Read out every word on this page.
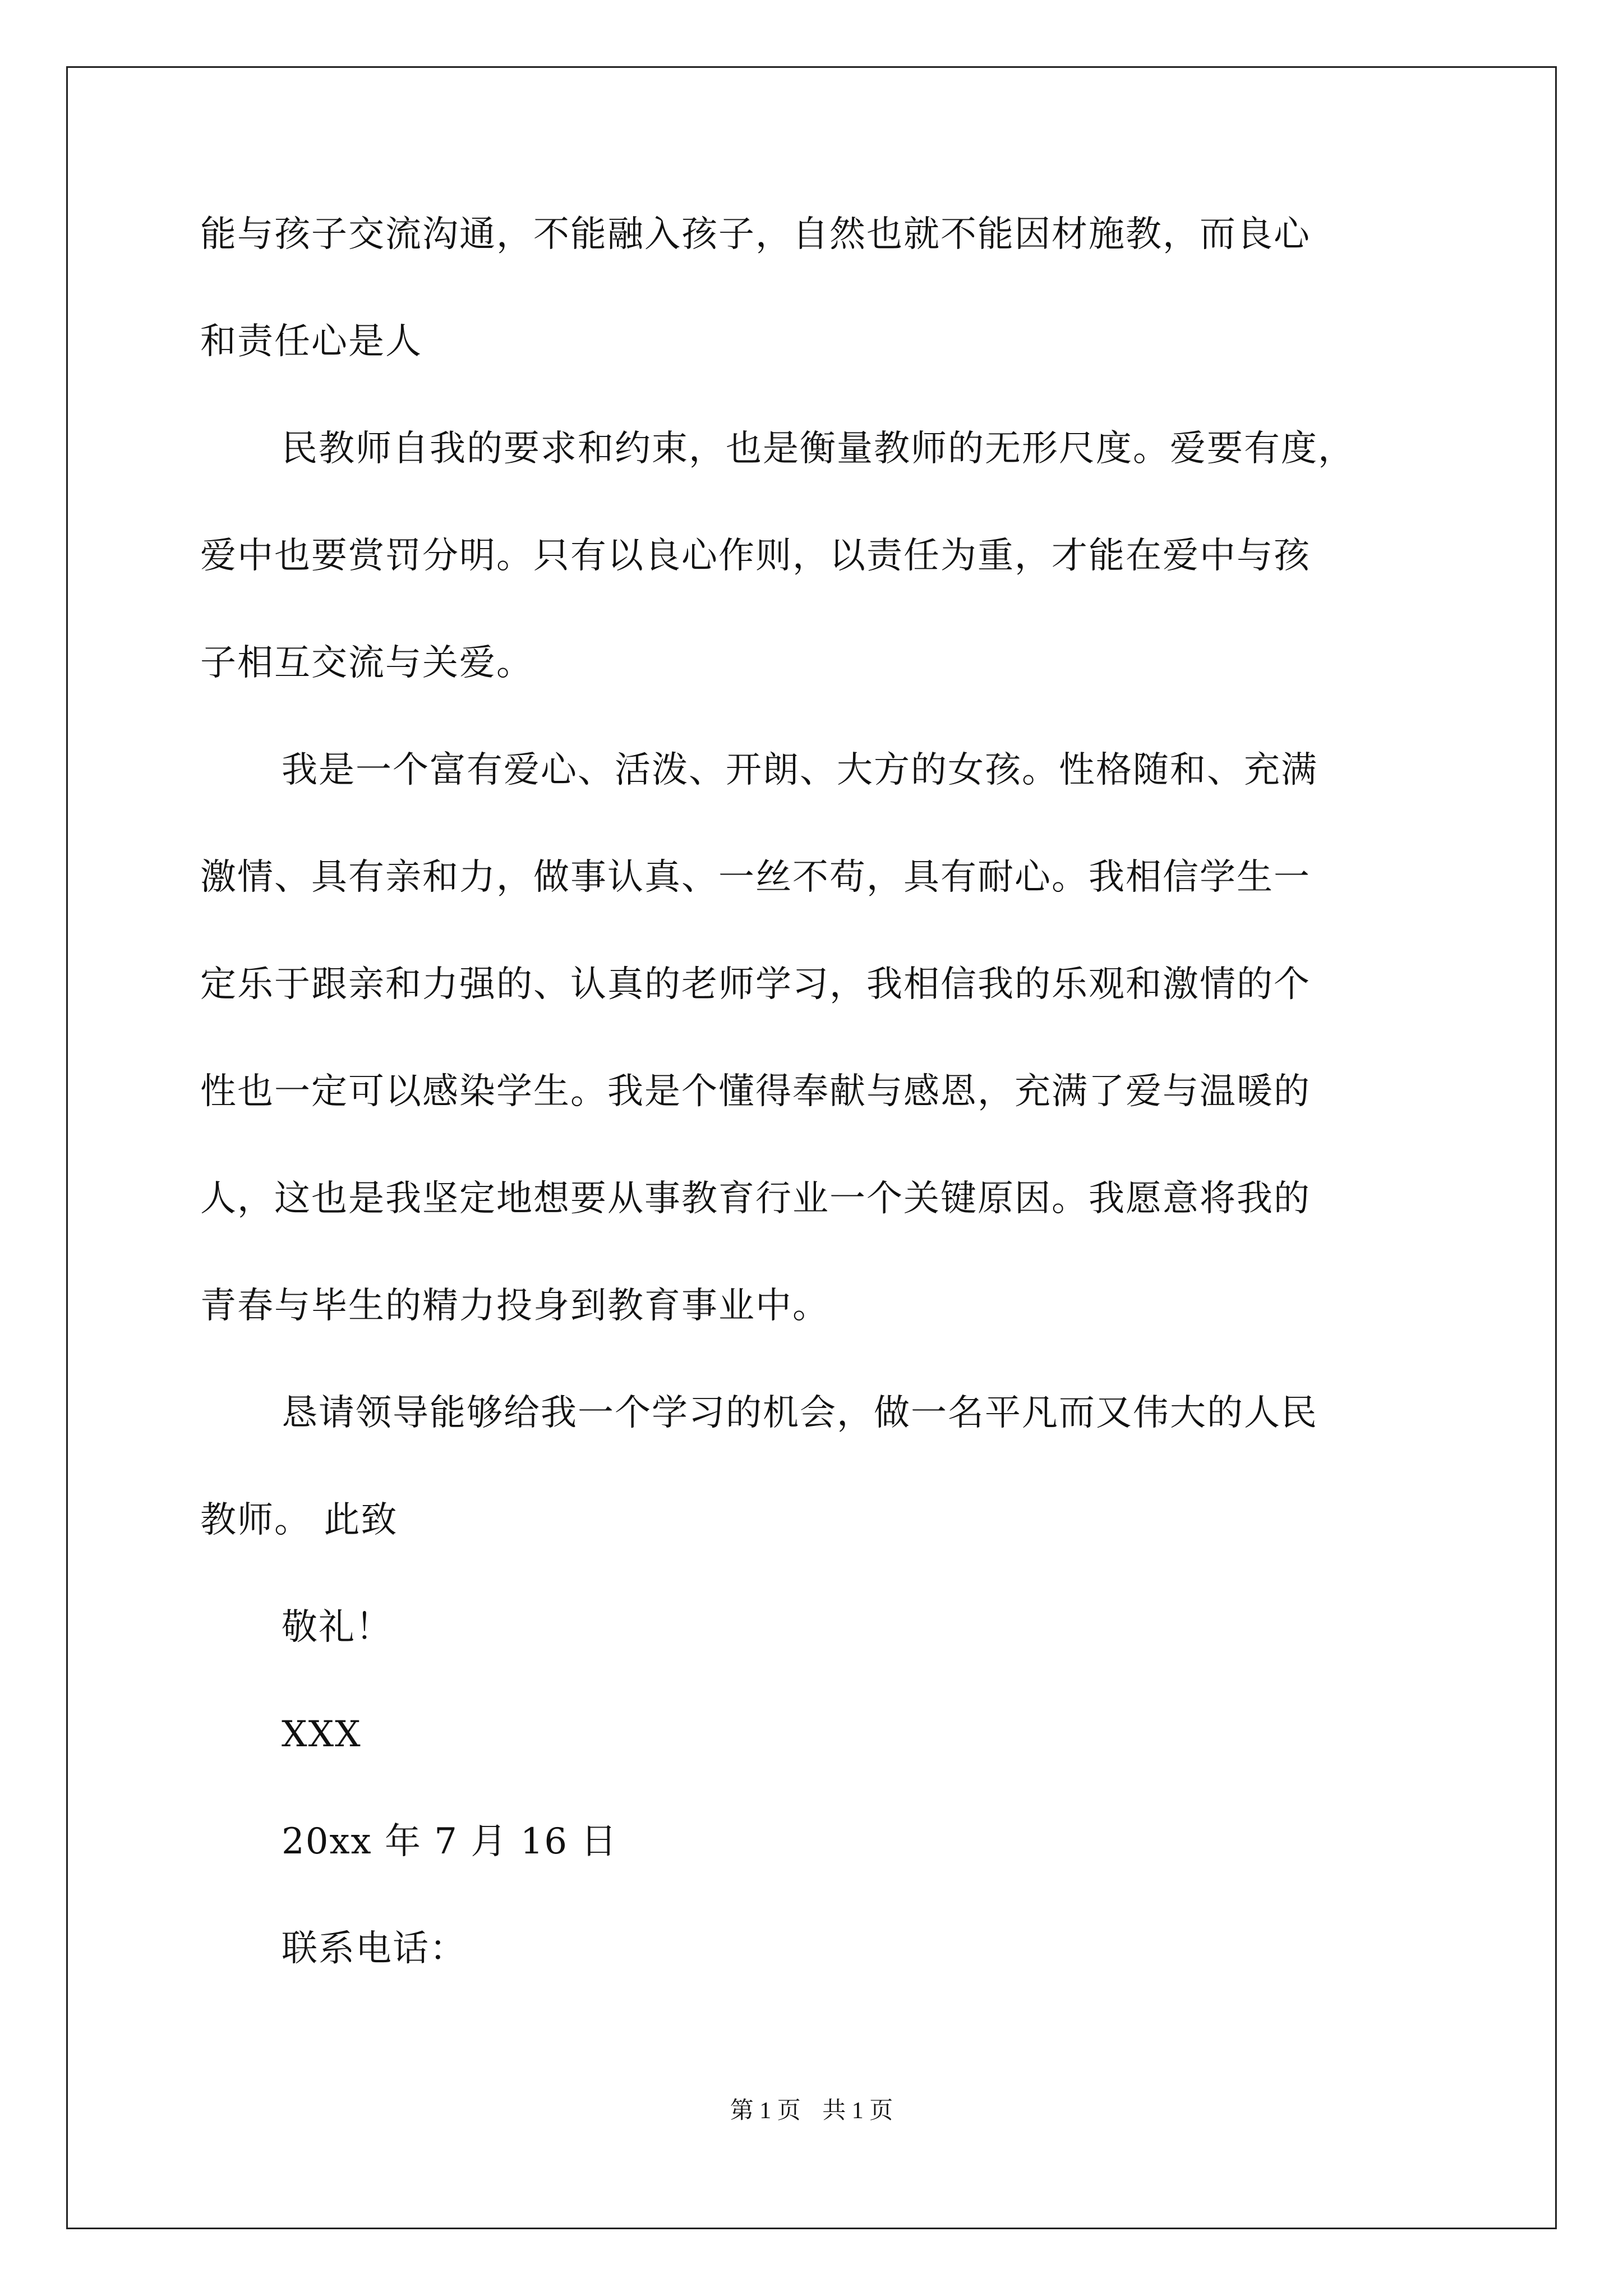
能与孩子交流沟通，不能融入孩子，自然也就不能因材施教，而良心
和责任心是人
民教师自我的要求和约束，也是衡量教师的无形尺度。爱要有度，
爱中也要赏罚分明。只有以良心作则，以责任为重，才能在爱中与孩
子相互交流与关爱。
我是一个富有爱心、活泼、开朗、大方的女孩。性格随和、充满
激情、具有亲和力，做事认真、一丝不苟，具有耐心。我相信学生一
定乐于跟亲和力强的、认真的老师学习，我相信我的乐观和激情的个
性也一定可以感染学生。我是个懂得奉献与感恩，充满了爱与温暖的
人，这也是我坚定地想要从事教育行业一个关键原因。我愿意将我的
青春与毕生的精力投身到教育事业中。
恳请领导能够给我一个学习的机会，做一名平凡而又伟大的人民
教师。 此致
敬礼！
XXX
20xx 年 7 月 16 日
联系电话：
第 1 页 共 1 页
